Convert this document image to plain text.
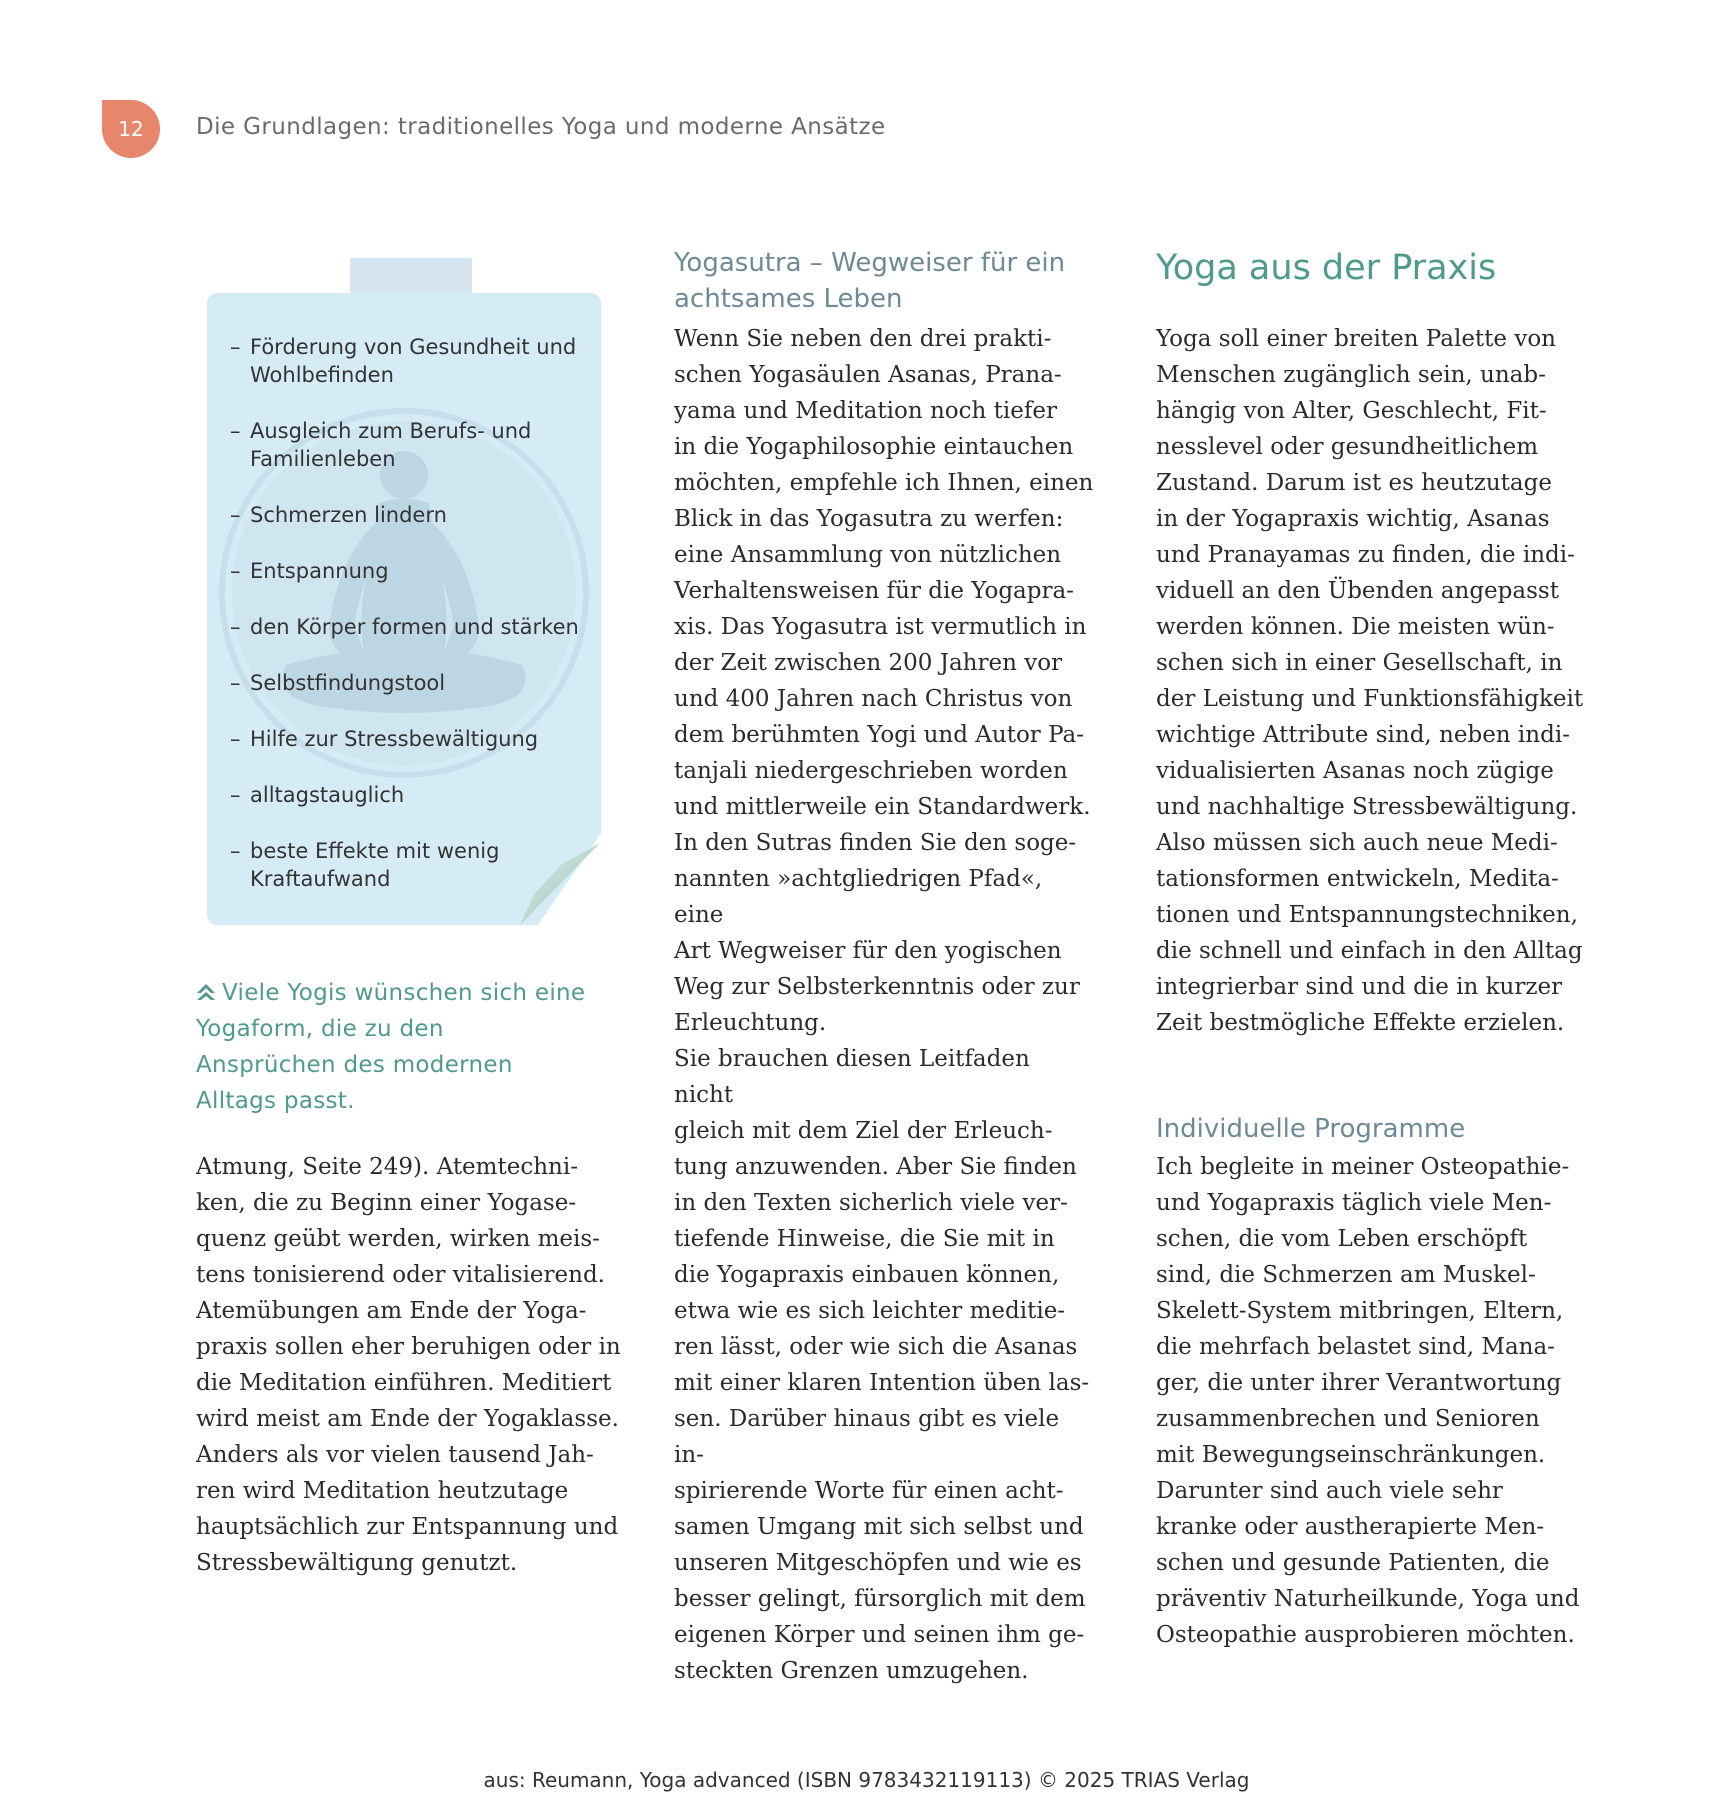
12	Die Grundlagen: traditionelles Yoga und moderne Ansätze
– Förderung von Gesundheit und
Wohlbefinden
– Ausgleich zum Berufs- und
Familienleben
– Schmerzen lindern
– Entspannung
– den Körper formen und stärken
– Selbstfindungstool
– Hilfe zur Stressbewältigung
– alltagstauglich
– beste Effekte mit wenig
Kraftaufwand
Viele Yogis wünschen sich eine Yogaform, die zu den Ansprüchen des modernen Alltags passt.

Atmung, Seite 249). Atemtechni-
ken, die zu Beginn einer Yogase-
quenz geübt werden, wirken meis-
tens tonisierend oder vitalisierend.
Atemübungen am Ende der Yoga-
praxis sollen eher beruhigen oder in
die Meditation einführen. Meditiert
wird meist am Ende der Yogaklasse.
Anders als vor vielen tausend Jah-
ren wird Meditation heutzutage
hauptsächlich zur Entspannung und
Stressbewältigung genutzt.

Yogasutra – Wegweiser für ein
achtsames Leben

Wenn Sie neben den drei prakti-
schen Yogasäulen Asanas, Prana-
yama und Meditation noch tiefer
in die Yogaphilosophie eintauchen
möchten, empfehle ich Ihnen, einen
Blick in das Yogasutra zu werfen:
eine Ansammlung von nützlichen
Verhaltensweisen für die Yogapra-
xis. Das Yogasutra ist vermutlich in
der Zeit zwischen 200 Jahren vor
und 400 Jahren nach Christus von
dem berühmten Yogi und Autor Pa-
tanjali niedergeschrieben worden
und mittlerweile ein Standardwerk.
In den Sutras finden Sie den soge-
nannten »achtgliedrigen Pfad«, eine
Art Wegweiser für den yogischen
Weg zur Selbsterkenntnis oder zur
Erleuchtung.

Sie brauchen diesen Leitfaden nicht
gleich mit dem Ziel der Erleuch-
tung anzuwenden. Aber Sie finden
in den Texten sicherlich viele ver-
tiefende Hinweise, die Sie mit in
die Yogapraxis einbauen können,
etwa wie es sich leichter meditie-
ren lässt, oder wie sich die Asanas
mit einer klaren Intention üben las-
sen. Darüber hinaus gibt es viele in-
spirierende Worte für einen acht-
samen Umgang mit sich selbst und
unseren Mitgeschöpfen und wie es
besser gelingt, fürsorglich mit dem
eigenen Körper und seinen ihm ge-
steckten Grenzen umzugehen.

Yoga aus der Praxis

Yoga soll einer breiten Palette von
Menschen zugänglich sein, unab-
hängig von Alter, Geschlecht, Fit-
nesslevel oder gesundheitlichem
Zustand. Darum ist es heutzutage
in der Yogapraxis wichtig, Asanas
und Pranayamas zu finden, die indi-
viduell an den Übenden angepasst
werden können. Die meisten wün-
schen sich in einer Gesellschaft, in
der Leistung und Funktionsfähigkeit
wichtige Attribute sind, neben indi-
vidualisierten Asanas noch zügige
und nachhaltige Stressbewältigung.
Also müssen sich auch neue Medi-
tationsformen entwickeln, Medita-
tionen und Entspannungstechniken,
die schnell und einfach in den Alltag
integrierbar sind und die in kurzer
Zeit bestmögliche Effekte erzielen.

Individuelle Programme

Ich begleite in meiner Osteopathie-
und Yogapraxis täglich viele Men-
schen, die vom Leben erschöpft
sind, die Schmerzen am Muskel-
Skelett-System mitbringen, Eltern,
die mehrfach belastet sind, Mana-
ger, die unter ihrer Verantwortung
zusammenbrechen und Senioren
mit Bewegungseinschränkungen.
Darunter sind auch viele sehr
kranke oder austherapierte Men-
schen und gesunde Patienten, die
präventiv Naturheilkunde, Yoga und
Osteopathie ausprobieren möchten.

aus: Reumann, Yoga advanced (ISBN 9783432119113) © 2025 TRIAS Verlag
